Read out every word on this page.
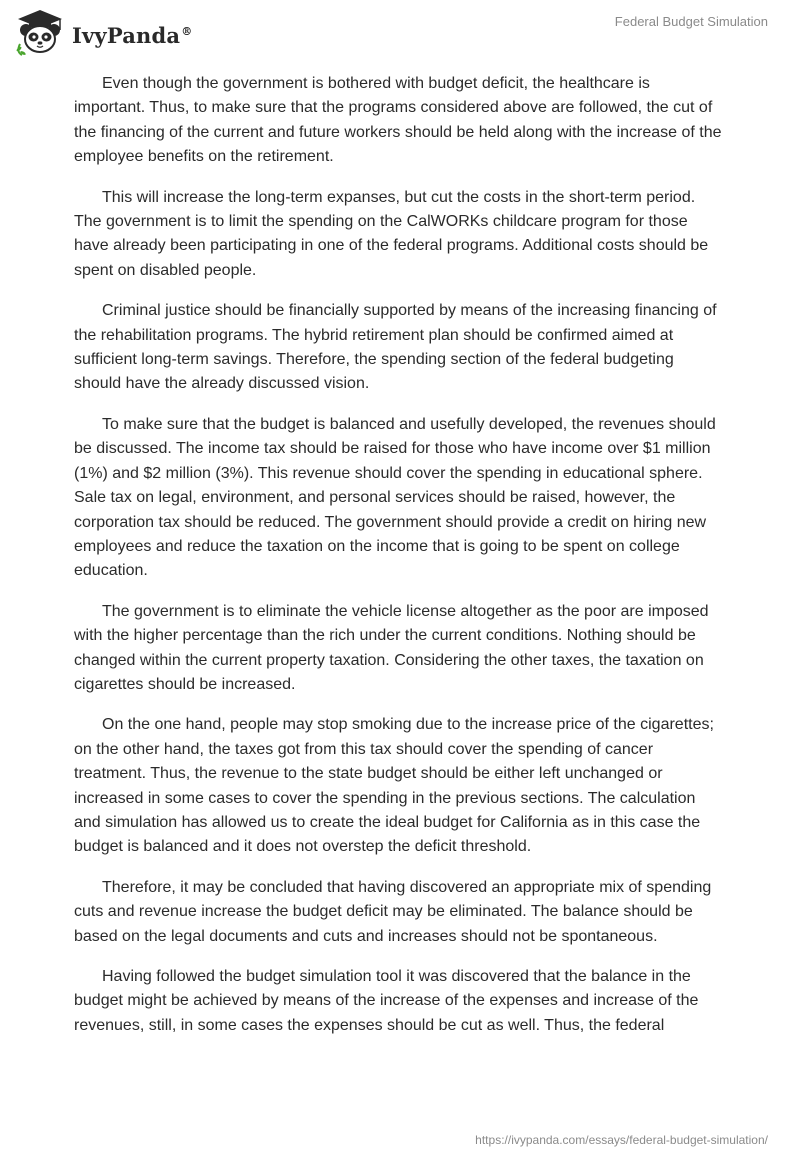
IvyPanda®
Federal Budget Simulation

Even though the government is bothered with budget deficit, the healthcare is important. Thus, to make sure that the programs considered above are followed, the cut of the financing of the current and future workers should be held along with the increase of the employee benefits on the retirement.

This will increase the long-term expanses, but cut the costs in the short-term period. The government is to limit the spending on the CalWORKs childcare program for those have already been participating in one of the federal programs. Additional costs should be spent on disabled people.

Criminal justice should be financially supported by means of the increasing financing of the rehabilitation programs. The hybrid retirement plan should be confirmed aimed at sufficient long-term savings. Therefore, the spending section of the federal budgeting should have the already discussed vision.

To make sure that the budget is balanced and usefully developed, the revenues should be discussed. The income tax should be raised for those who have income over $1 million (1%) and $2 million (3%). This revenue should cover the spending in educational sphere. Sale tax on legal, environment, and personal services should be raised, however, the corporation tax should be reduced. The government should provide a credit on hiring new employees and reduce the taxation on the income that is going to be spent on college education.

The government is to eliminate the vehicle license altogether as the poor are imposed with the higher percentage than the rich under the current conditions. Nothing should be changed within the current property taxation. Considering the other taxes, the taxation on cigarettes should be increased.

On the one hand, people may stop smoking due to the increase price of the cigarettes; on the other hand, the taxes got from this tax should cover the spending of cancer treatment. Thus, the revenue to the state budget should be either left unchanged or increased in some cases to cover the spending in the previous sections. The calculation and simulation has allowed us to create the ideal budget for California as in this case the budget is balanced and it does not overstep the deficit threshold.

Therefore, it may be concluded that having discovered an appropriate mix of spending cuts and revenue increase the budget deficit may be eliminated. The balance should be based on the legal documents and cuts and increases should not be spontaneous.

Having followed the budget simulation tool it was discovered that the balance in the budget might be achieved by means of the increase of the expenses and increase of the revenues, still, in some cases the expenses should be cut as well. Thus, the federal

https://ivypanda.com/essays/federal-budget-simulation/
